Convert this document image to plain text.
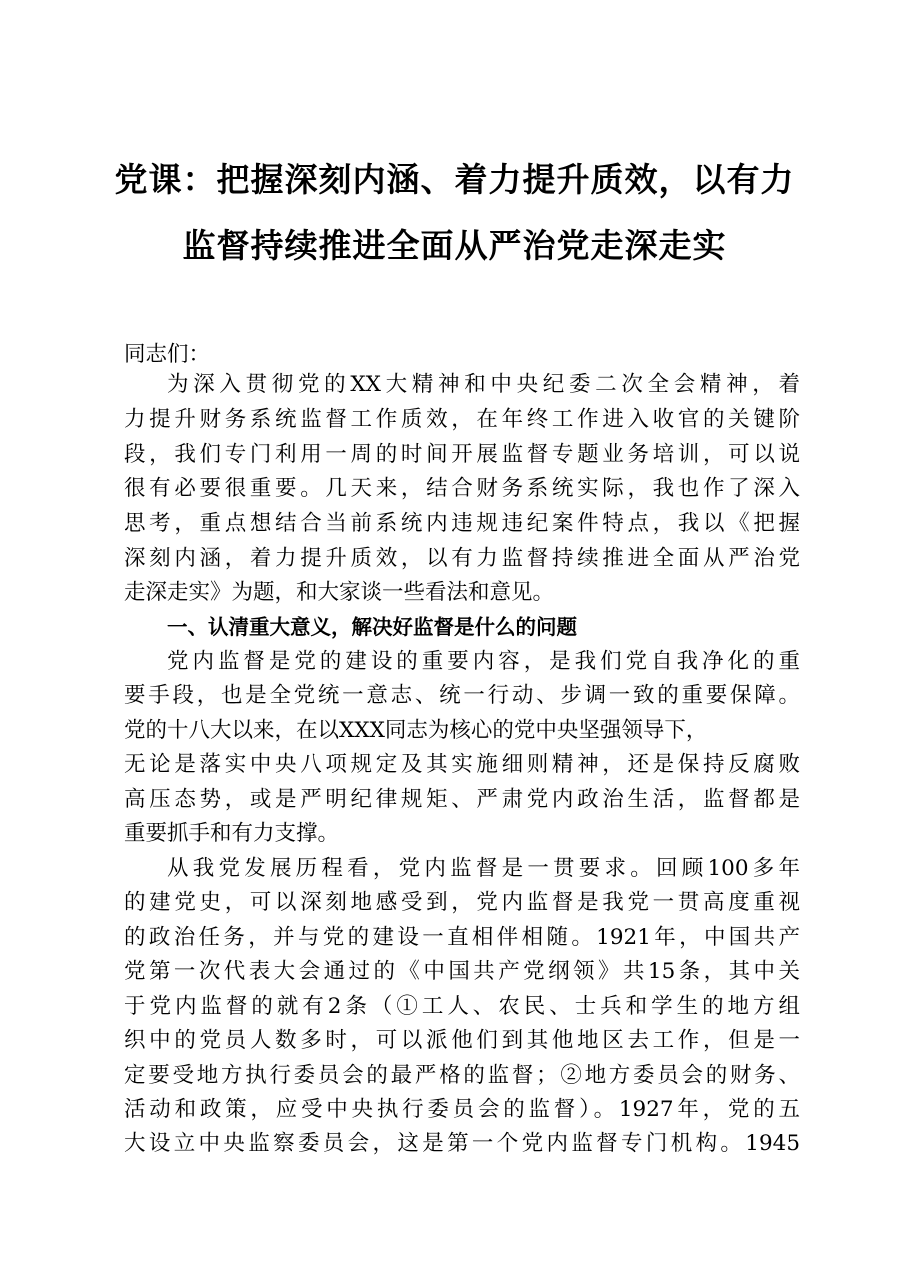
党课：把握深刻内涵、着力提升质效，以有力
监督持续推进全面从严治党走深走实
同志们：
为深入贯彻党的XX大精神和中央纪委二次全会精神，着
力提升财务系统监督工作质效，在年终工作进入收官的关键阶
段，我们专门利用一周的时间开展监督专题业务培训，可以说
很有必要很重要。几天来，结合财务系统实际，我也作了深入
思考，重点想结合当前系统内违规违纪案件特点，我以《把握
深刻内涵，着力提升质效，以有力监督持续推进全面从严治党
走深走实》为题，和大家谈一些看法和意见。
一、认清重大意义，解决好监督是什么的问题
党内监督是党的建设的重要内容，是我们党自我净化的重
要手段，也是全党统一意志、统一行动、步调一致的重要保障。
党的十八大以来，在以XXX同志为核心的党中央坚强领导下，
无论是落实中央八项规定及其实施细则精神，还是保持反腐败
高压态势，或是严明纪律规矩、严肃党内政治生活，监督都是
重要抓手和有力支撑。
从我党发展历程看，党内监督是一贯要求。回顾100多年
的建党史，可以深刻地感受到，党内监督是我党一贯高度重视
的政治任务，并与党的建设一直相伴相随。1921年，中国共产
党第一次代表大会通过的《中国共产党纲领》共15条，其中关
于党内监督的就有2条（①工人、农民、士兵和学生的地方组
织中的党员人数多时，可以派他们到其他地区去工作，但是一
定要受地方执行委员会的最严格的监督；②地方委员会的财务、
活动和政策，应受中央执行委员会的监督）。1927年，党的五
大设立中央监察委员会，这是第一个党内监督专门机构。1945
